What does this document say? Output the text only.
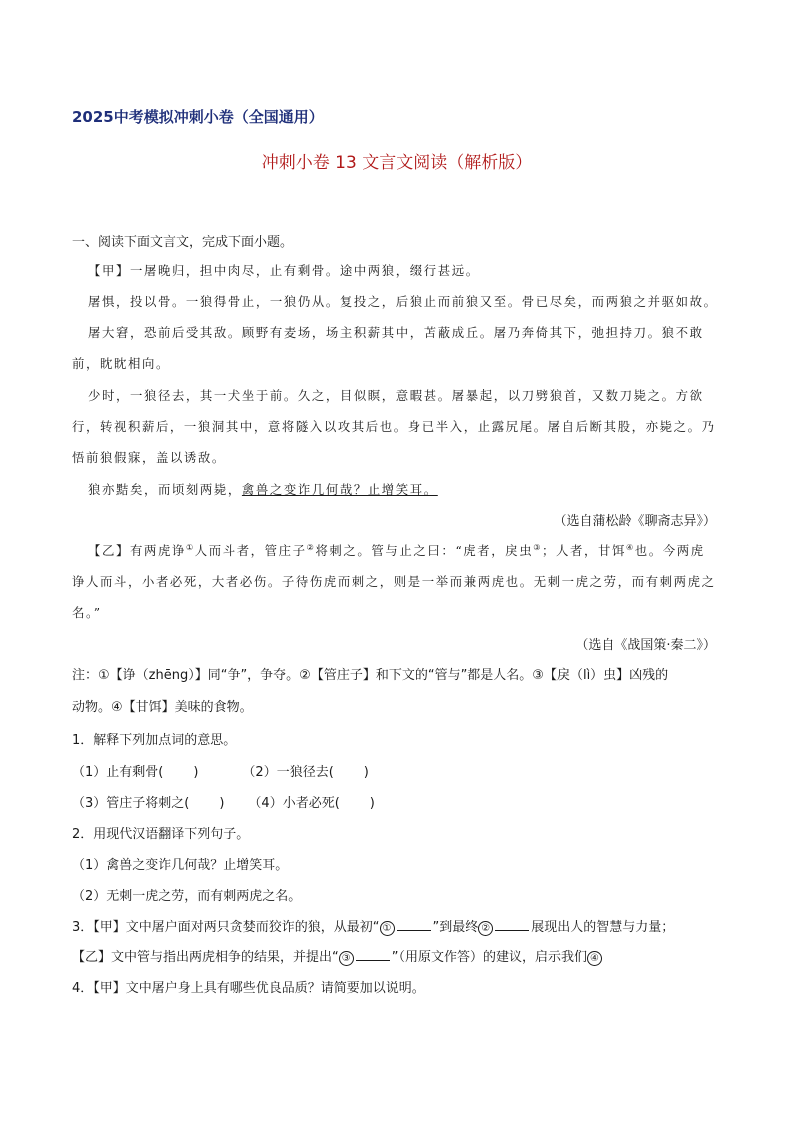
2025中考模拟冲刺小卷（全国通用）
冲刺小卷 13 文言文阅读（解析版）
一、阅读下面文言文，完成下面小题。
【甲】一屠晚归，担中肉尽，止有剩骨。途中两狼，缀行甚远。
屠惧，投以骨。一狼得骨止，一狼仍从。复投之，后狼止而前狼又至。骨已尽矣，而两狼之并驱如故。
屠大窘，恐前后受其敌。顾野有麦场，场主积薪其中，苫蔽成丘。屠乃奔倚其下，弛担持刀。狼不敢
前，眈眈相向。
少时，一狼径去，其一犬坐于前。久之，目似瞑，意暇甚。屠暴起，以刀劈狼首，又数刀毙之。方欲
行，转视积薪后，一狼洞其中，意将隧入以攻其后也。身已半入，止露尻尾。屠自后断其股，亦毙之。乃
悟前狼假寐，盖以诱敌。
狼亦黠矣，而顷刻两毙，禽兽之变诈几何哉？止增笑耳。
（选自蒲松龄《聊斋志异》）
【乙】有两虎诤①人而斗者，管庄子②将刺之。管与止之曰：“虎者，戾虫③；人者，甘饵④也。今两虎
诤人而斗，小者必死，大者必伤。子待伤虎而刺之，则是一举而兼两虎也。无刺一虎之劳，而有刺两虎之
名。”
（选自《战国策·秦二》）
注：①【诤（zhēng）】同“争”，争夺。②【管庄子】和下文的“管与”都是人名。③【戾（lì）虫】凶残的
动物。④【甘饵】美味的食物。
1．解释下列加点词的意思。
（1）止有剩骨( )	（2）一狼径去( )
（3）管庄子将刺之( ) （4）小者必死( )
2．用现代汉语翻译下列句子。
（1）禽兽之变诈几何哉？止增笑耳。
（2）无刺一虎之劳，而有刺两虎之名。
3．【甲】文中屠户面对两只贪婪而狡诈的狼，从最初“ ①	”到最终 ②	展现出人的智慧与力量；
【乙】文中管与指出两虎相争的结果，并提出“ ③	”（用原文作答）的建议，启示我们 ④
4．【甲】文中屠户身上具有哪些优良品质？请简要加以说明。
